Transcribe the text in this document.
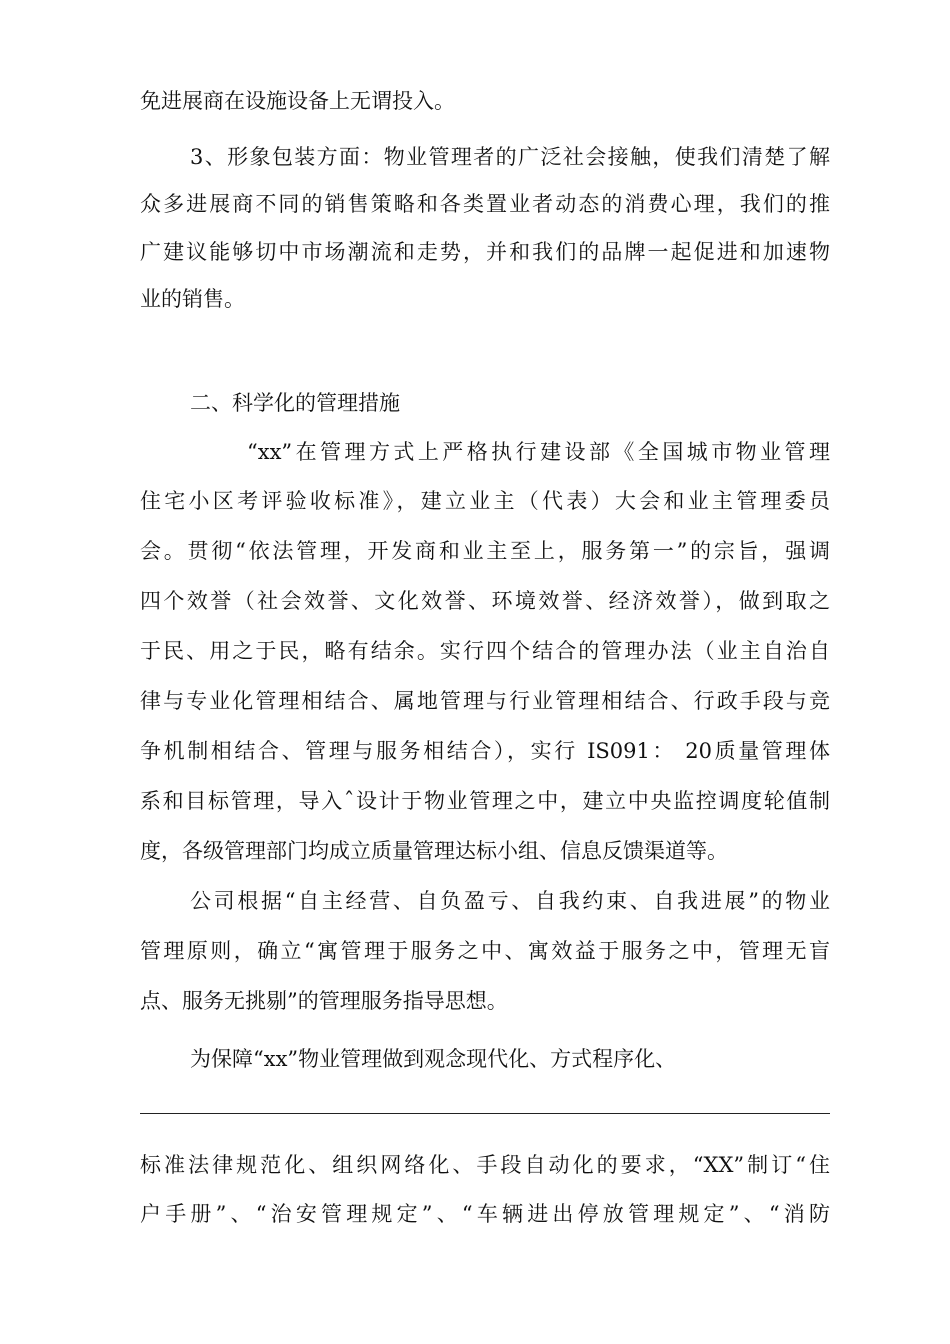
免进展商在设施设备上无谓投入。
3、形象包装方面：物业管理者的广泛社会接触，使我们清楚了解
众多进展商不同的销售策略和各类置业者动态的消费心理，我们的推
广建议能够切中市场潮流和走势，并和我们的品牌一起促进和加速物
业的销售。
二、科学化的管理措施
“xx”在管理方式上严格执行建设部《全国城市物业管理
住宅小区考评验收标准》，建立业主（代表）大会和业主管理委员
会。贯彻“依法管理，开发商和业主至上，服务第一”的宗旨，强调
四个效誉（社会效誉、文化效誉、环境效誉、经济效誉），做到取之
于民、用之于民，略有结余。实行四个结合的管理办法（业主自治自
律与专业化管理相结合、属地管理与行业管理相结合、行政手段与竞
争机制相结合、管理与服务相结合），实行 IS091： 20质量管理体
系和目标管理，导入ˆ设计于物业管理之中，建立中央监控调度轮值制
度，各级管理部门均成立质量管理达标小组、信息反馈渠道等。
公司根据“自主经营、自负盈亏、自我约束、自我进展”的物业
管理原则，确立“寓管理于服务之中、寓效益于服务之中，管理无盲
点、服务无挑剔”的管理服务指导思想。
为保障“xx”物业管理做到观念现代化、方式程序化、
标准法律规范化、组织网络化、手段自动化的要求，“XX”制订“住
户手册”、“治安管理规定”、“车辆进出停放管理规定”、“消防
